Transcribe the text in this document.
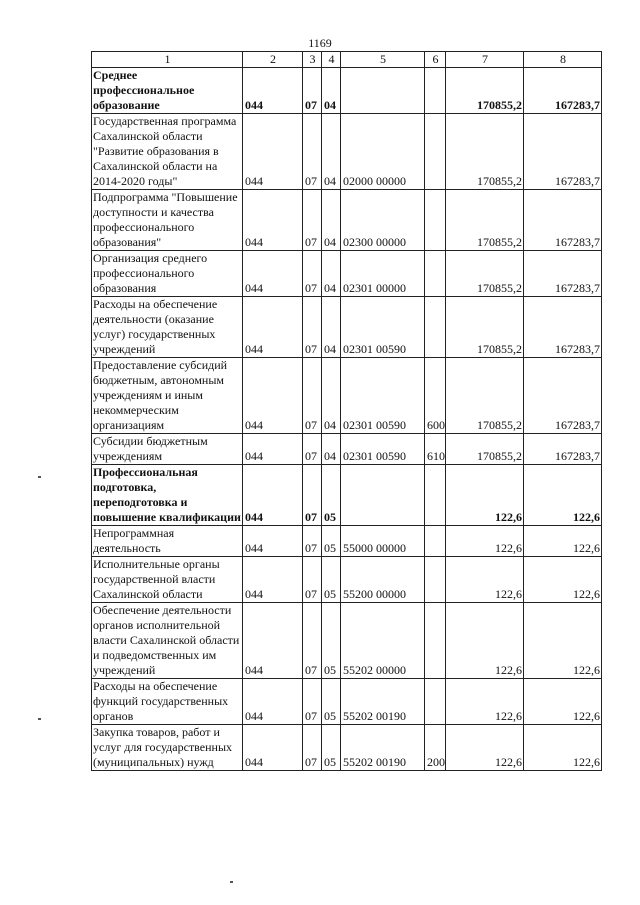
1169
1	2	3	4	5	6	7	8
Среднее профессиональное образование	044	07	04			170855,2	167283,7
Государственная программа Сахалинской области "Развитие образования в Сахалинской области на 2014-2020 годы"	044	07	04	02000 00000		170855,2	167283,7
Подпрограмма "Повышение доступности и качества профессионального образования"	044	07	04	02300 00000		170855,2	167283,7
Организация среднего профессионального образования	044	07	04	02301 00000		170855,2	167283,7
Расходы на обеспечение деятельности (оказание услуг) государственных учреждений	044	07	04	02301 00590		170855,2	167283,7
Предоставление субсидий бюджетным, автономным учреждениям и иным некоммерческим организациям	044	07	04	02301 00590	600	170855,2	167283,7
Субсидии бюджетным учреждениям	044	07	04	02301 00590	610	170855,2	167283,7
Профессиональная подготовка, переподготовка и повышение квалификации	044	07	05			122,6	122,6
Непрограммная деятельность	044	07	05	55000 00000		122,6	122,6
Исполнительные органы государственной власти Сахалинской области	044	07	05	55200 00000		122,6	122,6
Обеспечение деятельности органов исполнительной власти Сахалинской области и подведомственных им учреждений	044	07	05	55202 00000		122,6	122,6
Расходы на обеспечение функций государственных органов	044	07	05	55202 00190		122,6	122,6
Закупка товаров, работ и услуг для государственных (муниципальных) нужд	044	07	05	55202 00190	200	122,6	122,6
